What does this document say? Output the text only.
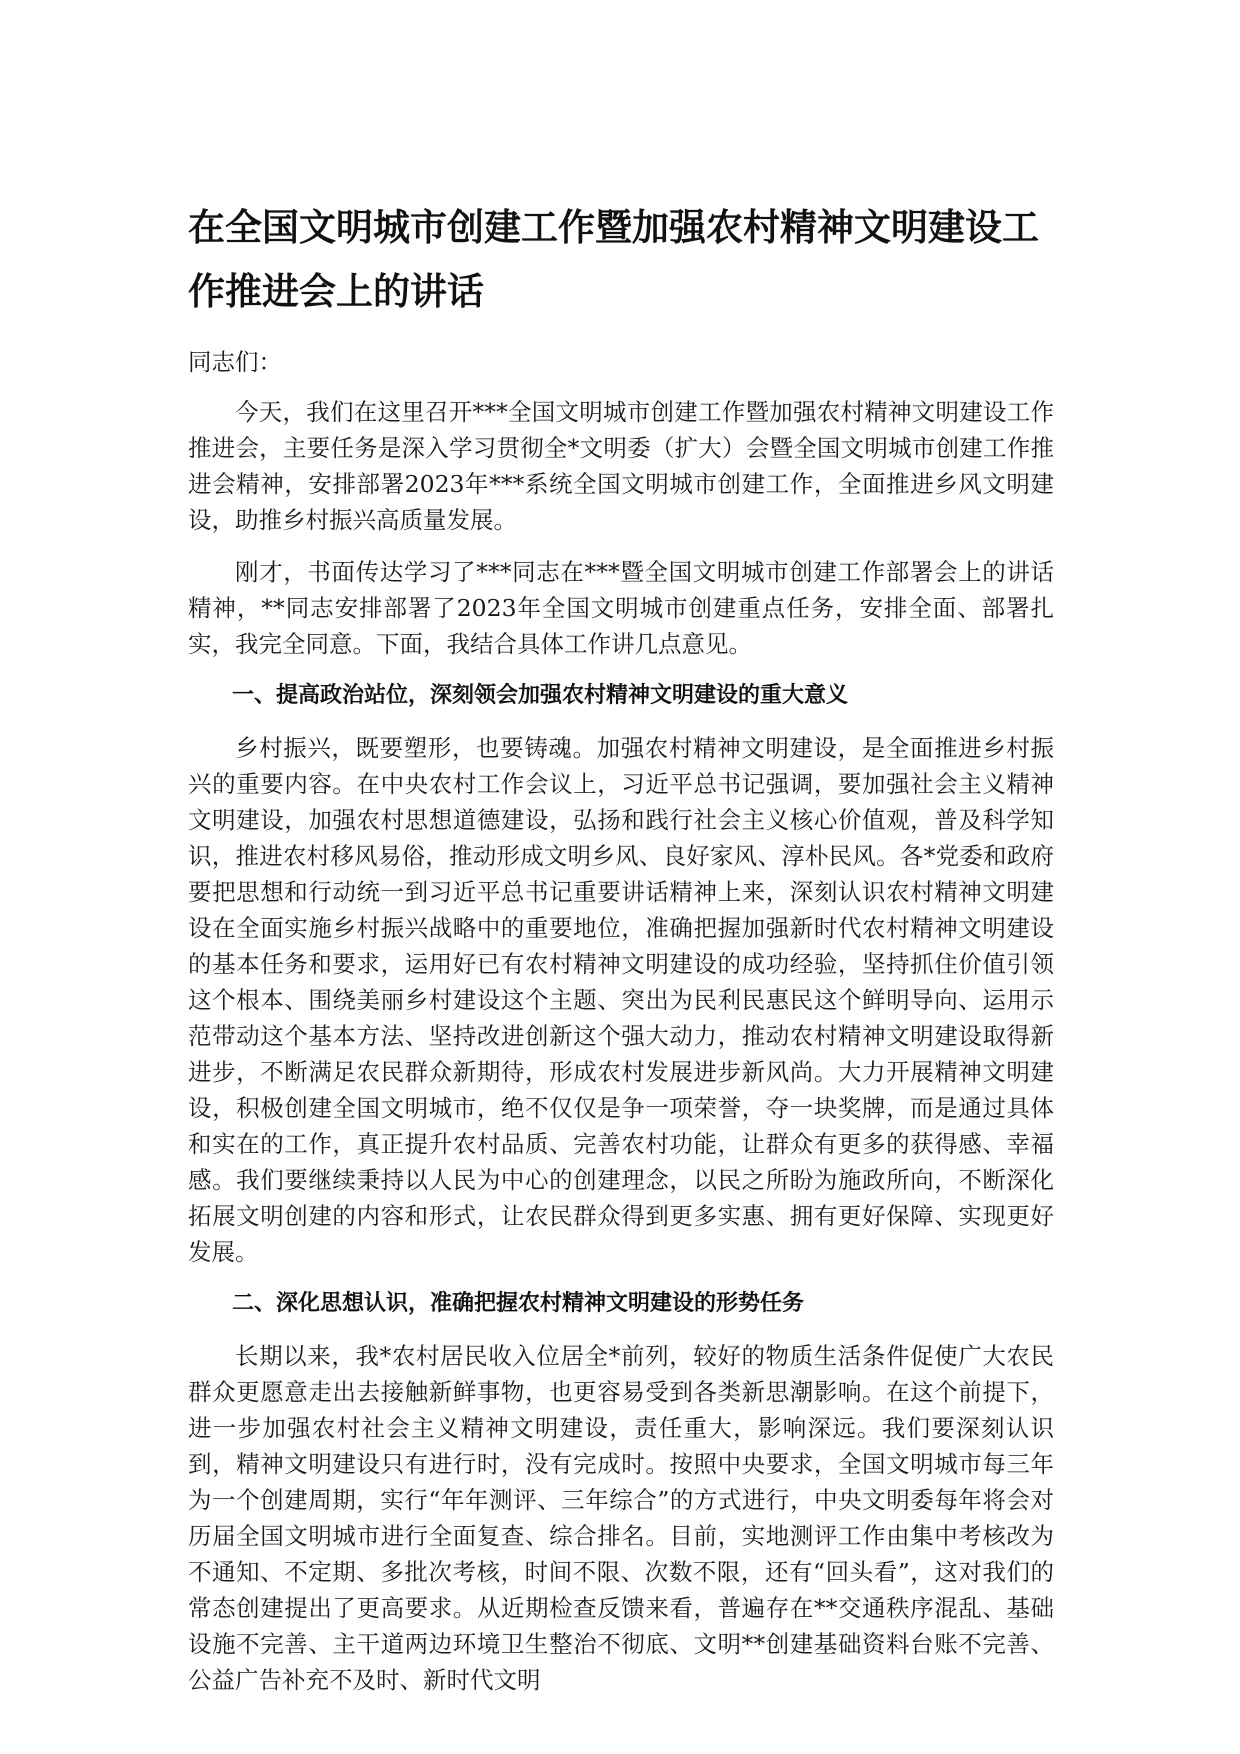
在全国文明城市创建工作暨加强农村精神文明建设工作推进会上的讲话
同志们：

今天，我们在这里召开***全国文明城市创建工作暨加强农村精神文明建设工作推进会，主要任务是深入学习贯彻全*文明委（扩大）会暨全国文明城市创建工作推进会精神，安排部署2023年***系统全国文明城市创建工作，全面推进乡风文明建设，助推乡村振兴高质量发展。

刚才，书面传达学习了***同志在***暨全国文明城市创建工作部署会上的讲话精神，**同志安排部署了2023年全国文明城市创建重点任务，安排全面、部署扎实，我完全同意。下面，我结合具体工作讲几点意见。

一、提高政治站位，深刻领会加强农村精神文明建设的重大意义

乡村振兴，既要塑形，也要铸魂。加强农村精神文明建设，是全面推进乡村振兴的重要内容。在中央农村工作会议上，习近平总书记强调，要加强社会主义精神文明建设，加强农村思想道德建设，弘扬和践行社会主义核心价值观，普及科学知识，推进农村移风易俗，推动形成文明乡风、良好家风、淳朴民风。各*党委和政府要把思想和行动统一到习近平总书记重要讲话精神上来，深刻认识农村精神文明建设在全面实施乡村振兴战略中的重要地位，准确把握加强新时代农村精神文明建设的基本任务和要求，运用好已有农村精神文明建设的成功经验，坚持抓住价值引领这个根本、围绕美丽乡村建设这个主题、突出为民利民惠民这个鲜明导向、运用示范带动这个基本方法、坚持改进创新这个强大动力，推动农村精神文明建设取得新进步，不断满足农民群众新期待，形成农村发展进步新风尚。大力开展精神文明建设，积极创建全国文明城市，绝不仅仅是争一项荣誉，夺一块奖牌，而是通过具体和实在的工作，真正提升农村品质、完善农村功能，让群众有更多的获得感、幸福感。我们要继续秉持以人民为中心的创建理念，以民之所盼为施政所向，不断深化拓展文明创建的内容和形式，让农民群众得到更多实惠、拥有更好保障、实现更好发展。

二、深化思想认识，准确把握农村精神文明建设的形势任务

长期以来，我*农村居民收入位居全*前列，较好的物质生活条件促使广大农民群众更愿意走出去接触新鲜事物，也更容易受到各类新思潮影响。在这个前提下，进一步加强农村社会主义精神文明建设，责任重大，影响深远。我们要深刻认识到，精神文明建设只有进行时，没有完成时。按照中央要求，全国文明城市每三年为一个创建周期，实行“年年测评、三年综合”的方式进行，中央文明委每年将会对历届全国文明城市进行全面复查、综合排名。目前，实地测评工作由集中考核改为不通知、不定期、多批次考核，时间不限、次数不限，还有“回头看”，这对我们的常态创建提出了更高要求。从近期检查反馈来看，普遍存在**交通秩序混乱、基础设施不完善、主干道两边环境卫生整治不彻底、文明**创建基础资料台账不完善、公益广告补充不及时、新时代文明
